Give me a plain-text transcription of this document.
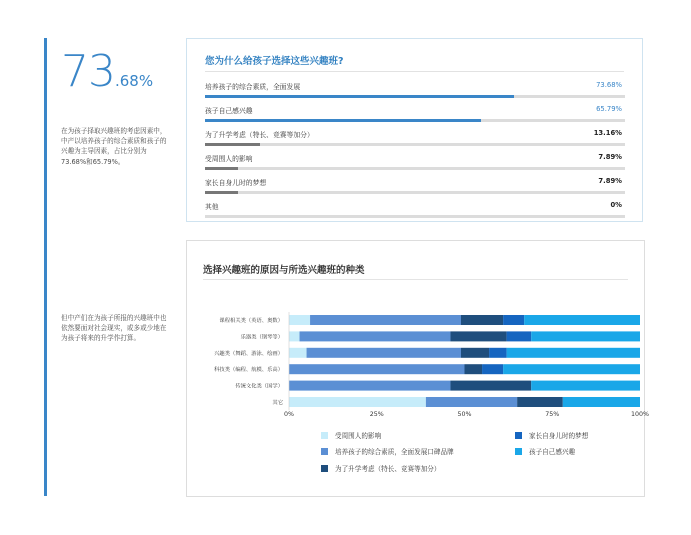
73.68%
在为孩子择取兴趣班的考虑因素中，中产以培养孩子的综合素质和孩子的兴趣为主导因素，占比分别为73.68%和65.79%。
但中产们在为孩子所报的兴趣班中也依然要面对社会现实，或多或少地在为孩子将来的升学作打算。
您为什么给孩子选择这些兴趣班?
培养孩子的综合素质，全面发展	73.68%
孩子自己感兴趣	65.79%
为了升学考虑（特长、竞赛等加分）	13.16%
受周围人的影响	7.89%
家长自身儿时的梦想	7.89%
其他	0%
选择兴趣班的原因与所选兴趣班的种类
课程相关类（英语、奥数）
乐器类（钢琴等）
兴趣类（舞蹈、游泳、绘画）
科技类（编程、航模、乐高）
传统文化类（国学）
其它
0%	25%	50%	75%	100%
受周围人的影响
培养孩子的综合素质，全面发展口碑品牌
为了升学考虑（特长、竞赛等加分）
家长自身儿时的梦想
孩子自己感兴趣
